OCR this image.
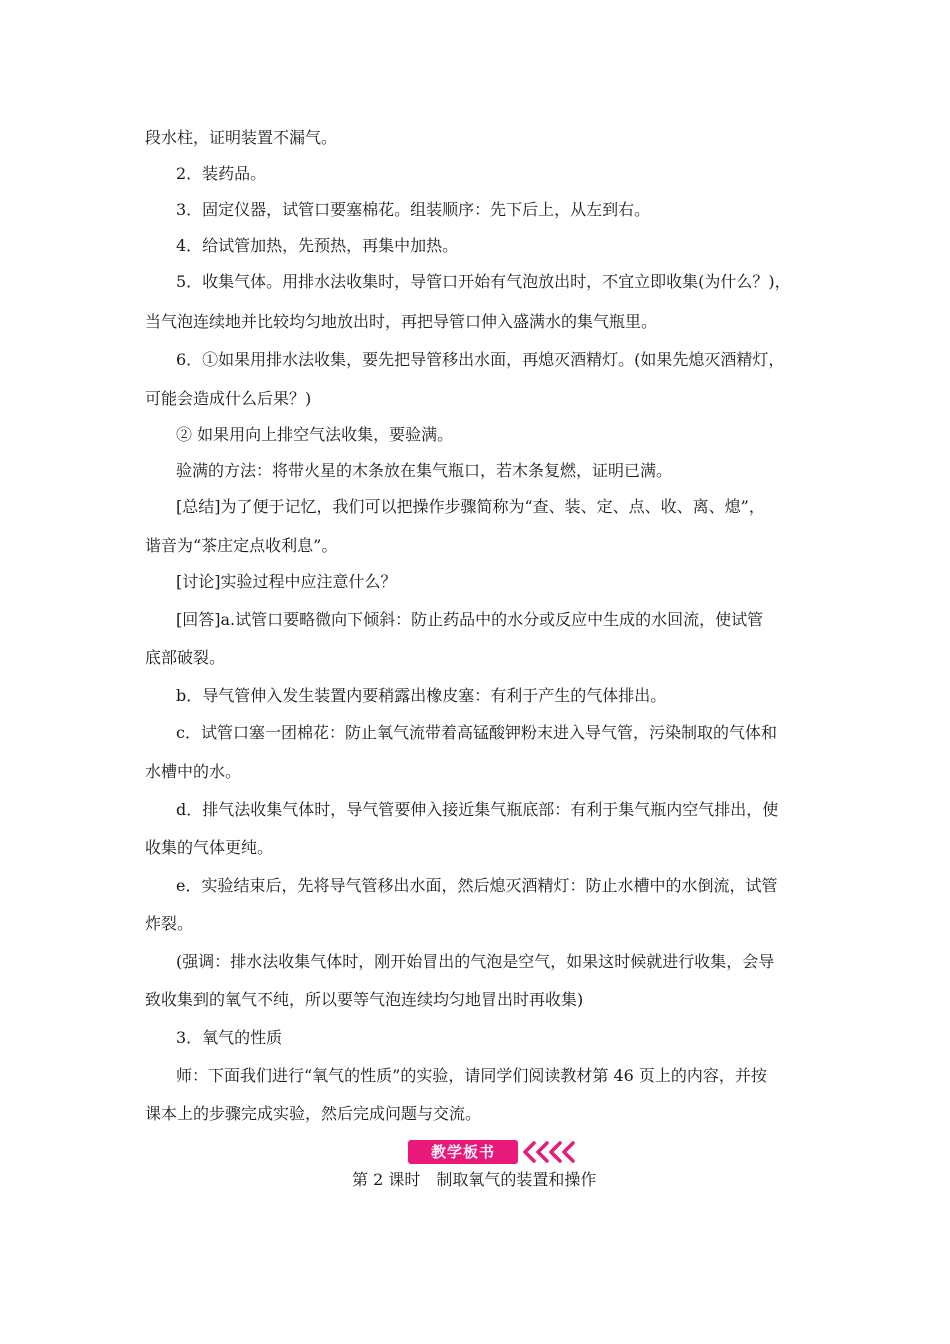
段水柱，证明装置不漏气。
2．装药品。
3．固定仪器，试管口要塞棉花。组装顺序：先下后上，从左到右。
4．给试管加热，先预热，再集中加热。
5．收集气体。用排水法收集时，导管口开始有气泡放出时，不宜立即收集(为什么？)，
当气泡连续地并比较均匀地放出时，再把导管口伸入盛满水的集气瓶里。
6．①如果用排水法收集，要先把导管移出水面，再熄灭酒精灯。(如果先熄灭酒精灯，
可能会造成什么后果？)
② 如果用向上排空气法收集，要验满。
验满的方法：将带火星的木条放在集气瓶口，若木条复燃，证明已满。
[总结]为了便于记忆，我们可以把操作步骤简称为“查、装、定、点、收、离、熄”，
谐音为“茶庄定点收利息”。
[讨论]实验过程中应注意什么？
[回答]a.试管口要略微向下倾斜：防止药品中的水分或反应中生成的水回流，使试管
底部破裂。
b．导气管伸入发生装置内要稍露出橡皮塞：有利于产生的气体排出。
c．试管口塞一团棉花：防止氧气流带着高锰酸钾粉末进入导气管，污染制取的气体和
水槽中的水。
d．排气法收集气体时，导气管要伸入接近集气瓶底部：有利于集气瓶内空气排出，使
收集的气体更纯。
e．实验结束后，先将导气管移出水面，然后熄灭酒精灯：防止水槽中的水倒流，试管
炸裂。
(强调：排水法收集气体时，刚开始冒出的气泡是空气，如果这时候就进行收集，会导
致收集到的氧气不纯，所以要等气泡连续均匀地冒出时再收集)
3．氧气的性质
师：下面我们进行“氧气的性质”的实验，请同学们阅读教材第 46 页上的内容，并按
课本上的步骤完成实验，然后完成问题与交流。
教学板书
第 2 课时　制取氧气的装置和操作
